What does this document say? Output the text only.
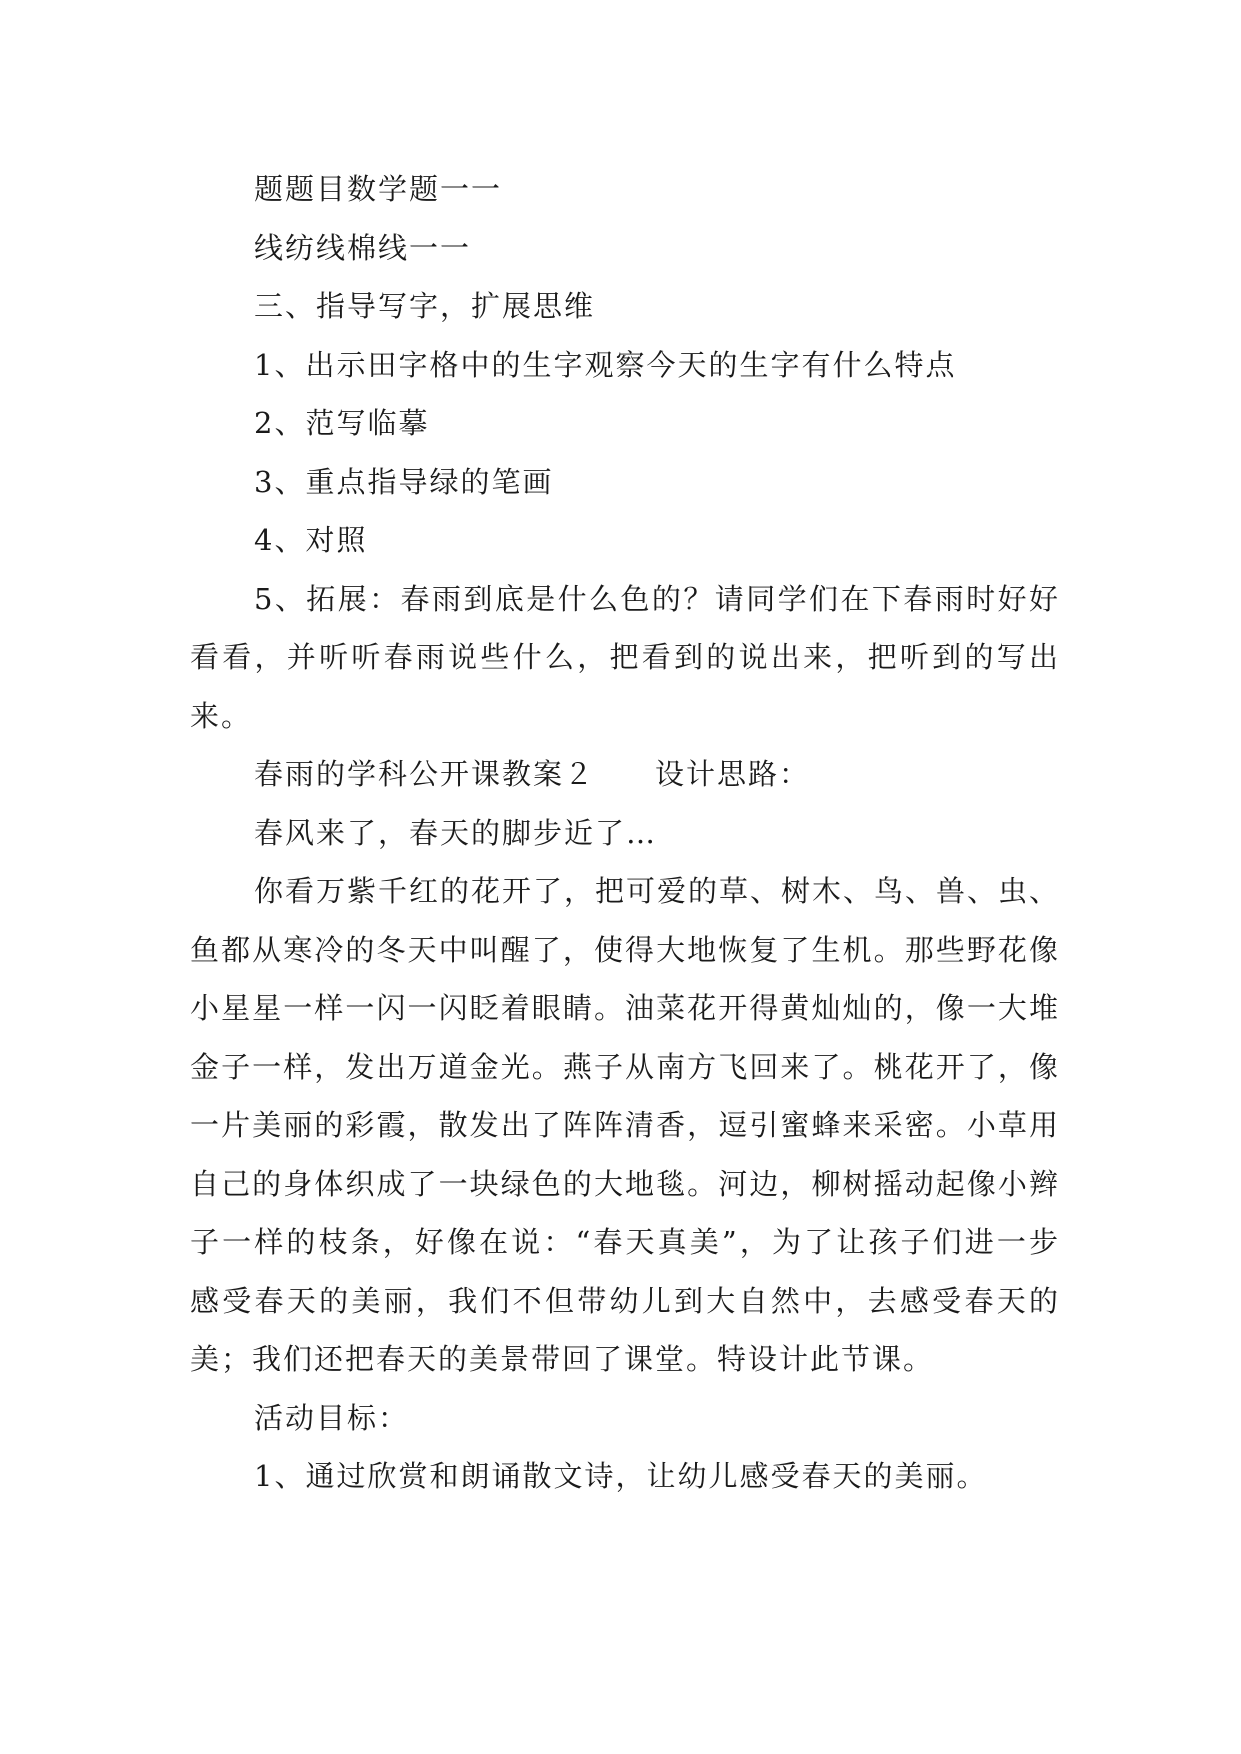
题题目数学题一一

线纺线棉线一一

三、指导写字，扩展思维

1、出示田字格中的生字观察今天的生字有什么特点

2、范写临摹

3、重点指导绿的笔画

4、对照

5、拓展：春雨到底是什么色的？请同学们在下春雨时好好看看，并听听春雨说些什么，把看到的说出来，把听到的写出来。

春雨的学科公开课教案２ 设计思路：

春风来了，春天的脚步近了…

你看万紫千红的花开了，把可爱的草、树木、鸟、兽、虫、鱼都从寒冷的冬天中叫醒了，使得大地恢复了生机。那些野花像小星星一样一闪一闪眨着眼睛。油菜花开得黄灿灿的，像一大堆金子一样，发出万道金光。燕子从南方飞回来了。桃花开了，像一片美丽的彩霞，散发出了阵阵清香，逗引蜜蜂来采密。小草用自己的身体织成了一块绿色的大地毯。河边，柳树摇动起像小辫子一样的枝条，好像在说：“春天真美”，为了让孩子们进一步感受春天的美丽，我们不但带幼儿到大自然中，去感受春天的美；我们还把春天的美景带回了课堂。特设计此节课。

活动目标：

1、通过欣赏和朗诵散文诗，让幼儿感受春天的美丽。
